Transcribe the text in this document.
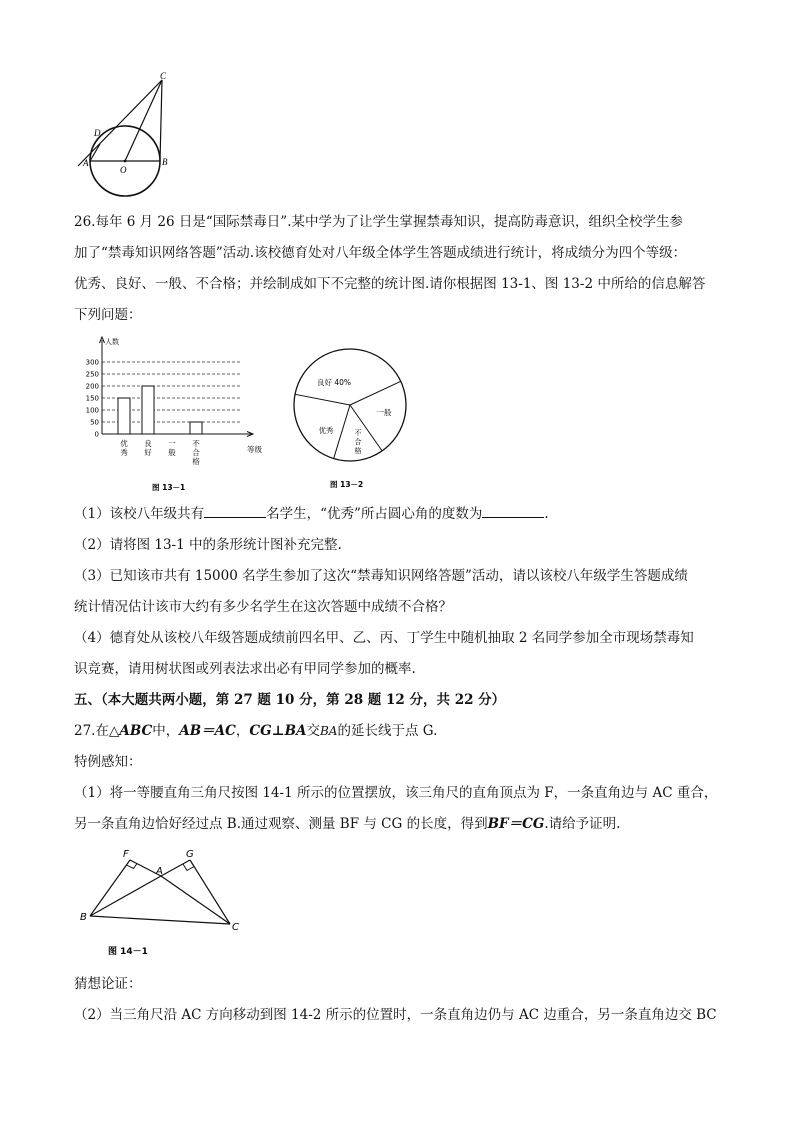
C
D
A
O
B
26.每年 6 月 26 日是“国际禁毒日”.某中学为了让学生掌握禁毒知识，提高防毒意识，组织全校学生参
加了“禁毒知识网络答题”活动.该校德育处对八年级全体学生答题成绩进行统计，将成绩分为四个等级：
优秀、良好、一般、不合格；并绘制成如下不完整的统计图.请你根据图 13-1、图 13-2 中所给的信息解答
下列问题：
人数
0
50
100
150
200
250
300
优
秀
良
好
一
般
不
合
格
等级
图 13－1
良好 40%
一般
不
合
格
优秀
图 13－2
（1）该校八年级共有	名学生，“优秀”所占圆心角的度数为	.
（2）请将图 13-1 中的条形统计图补充完整.
（3）已知该市共有 15000 名学生参加了这次“禁毒知识网络答题”活动，请以该校八年级学生答题成绩
统计情况估计该市大约有多少名学生在这次答题中成绩不合格？
（4）德育处从该校八年级答题成绩前四名甲、乙、丙、丁学生中随机抽取 2 名同学参加全市现场禁毒知
识竞赛，请用树状图或列表法求出必有甲同学参加的概率.
五、（本大题共两小题，第 27 题 10 分，第 28 题 12 分，共 22 分）
27.在△ABC中，AB＝AC，CG⊥BA交BA的延长线于点 G.
特例感知：
（1）将一等腰直角三角尺按图 14-1 所示的位置摆放，该三角尺的直角顶点为 F，一条直角边与 AC 重合，
另一条直角边恰好经过点 B.通过观察、测量 BF 与 CG 的长度，得到BF＝CG.请给予证明.
F	G
A
B
C
图 14－1
猜想论证：
（2）当三角尺沿 AC 方向移动到图 14-2 所示的位置时，一条直角边仍与 AC 边重合，另一条直角边交 BC
